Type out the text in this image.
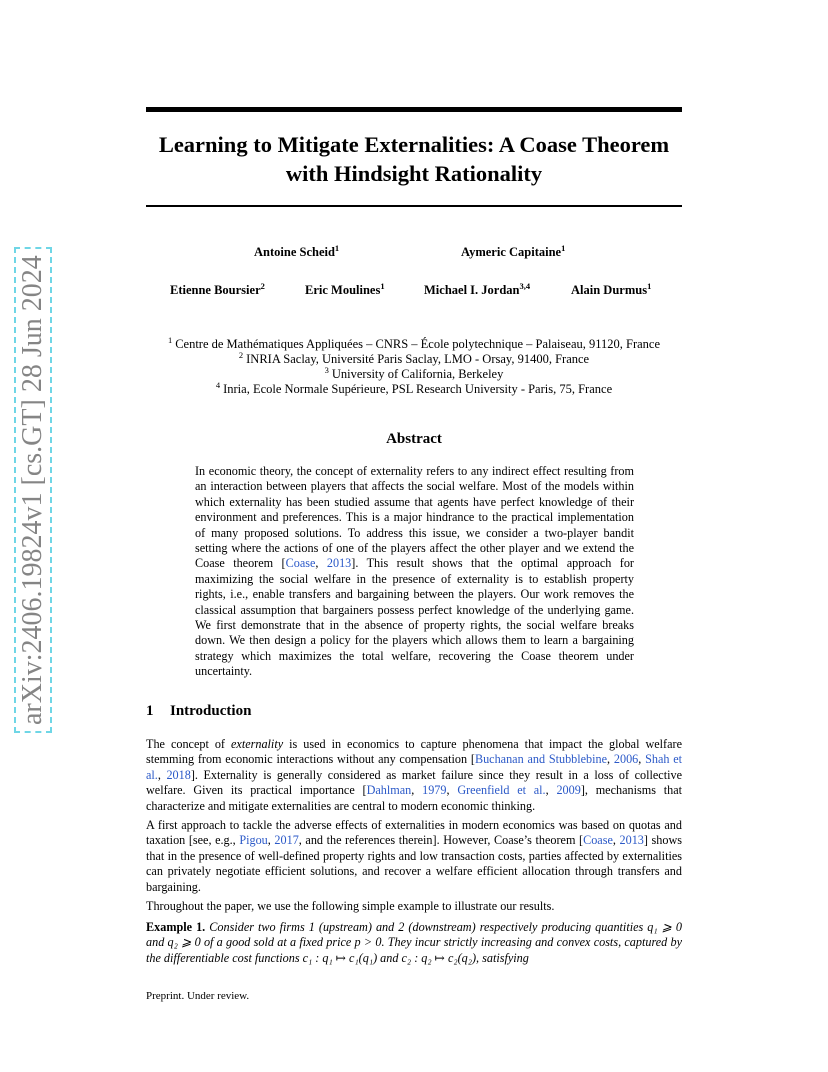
arXiv:2406.19824v1 [cs.GT] 28 Jun 2024
Learning to Mitigate Externalities: A Coase Theorem
with Hindsight Rationality
Antoine Scheid$^1$	Aymeric Capitaine$^1$
Etienne Boursier$^2$	Eric Moulines$^1$	Michael I. Jordan$^{3,4}$	Alain Durmus$^1$
$^1$ Centre de Mathématiques Appliquées – CNRS – École polytechnique – Palaiseau, 91120, France
$^2$ INRIA Saclay, Université Paris Saclay, LMO - Orsay, 91400, France
$^3$ University of California, Berkeley
$^4$ Inria, Ecole Normale Supérieure, PSL Research University - Paris, 75, France
Abstract
In economic theory, the concept of externality refers to any indirect effect resulting from an interaction between players that affects the social welfare. Most of the models within which externality has been studied assume that agents have perfect knowledge of their environment and preferences. This is a major hindrance to the practical implementation of many proposed solutions. To address this issue, we consider a two-player bandit setting where the actions of one of the players affect the other player and we extend the Coase theorem [Coase, 2013]. This result shows that the optimal approach for maximizing the social welfare in the presence of externality is to establish property rights, i.e., enable transfers and bargaining between the players. Our work removes the classical assumption that bargainers possess perfect knowledge of the underlying game. We first demonstrate that in the absence of property rights, the social welfare breaks down. We then design a policy for the players which allows them to learn a bargaining strategy which maximizes the total welfare, recovering the Coase theorem under uncertainty.
1 Introduction
The concept of externality is used in economics to capture phenomena that impact the global welfare stemming from economic interactions without any compensation [Buchanan and Stubblebine, 2006, Shah et al., 2018]. Externality is generally considered as market failure since they result in a loss of collective welfare. Given its practical importance [Dahlman, 1979, Greenfield et al., 2009], mechanisms that characterize and mitigate externalities are central to modern economic thinking.
A first approach to tackle the adverse effects of externalities in modern economics was based on quotas and taxation [see, e.g., Pigou, 2017, and the references therein]. However, Coase’s theorem [Coase, 2013] shows that in the presence of well-defined property rights and low transaction costs, parties affected by externalities can privately negotiate efficient solutions, and recover a welfare efficient allocation through transfers and bargaining.
Throughout the paper, we use the following simple example to illustrate our results.
Example 1. Consider two firms 1 (upstream) and 2 (downstream) respectively producing quantities q₁ ⩾ 0 and q₂ ⩾ 0 of a good sold at a fixed price p > 0. They incur strictly increasing and convex costs, captured by the differentiable cost functions c₁ : q₁ ↦ c₁(q₁) and c₂ : q₂ ↦ c₂(q₂), satisfying
Preprint. Under review.
